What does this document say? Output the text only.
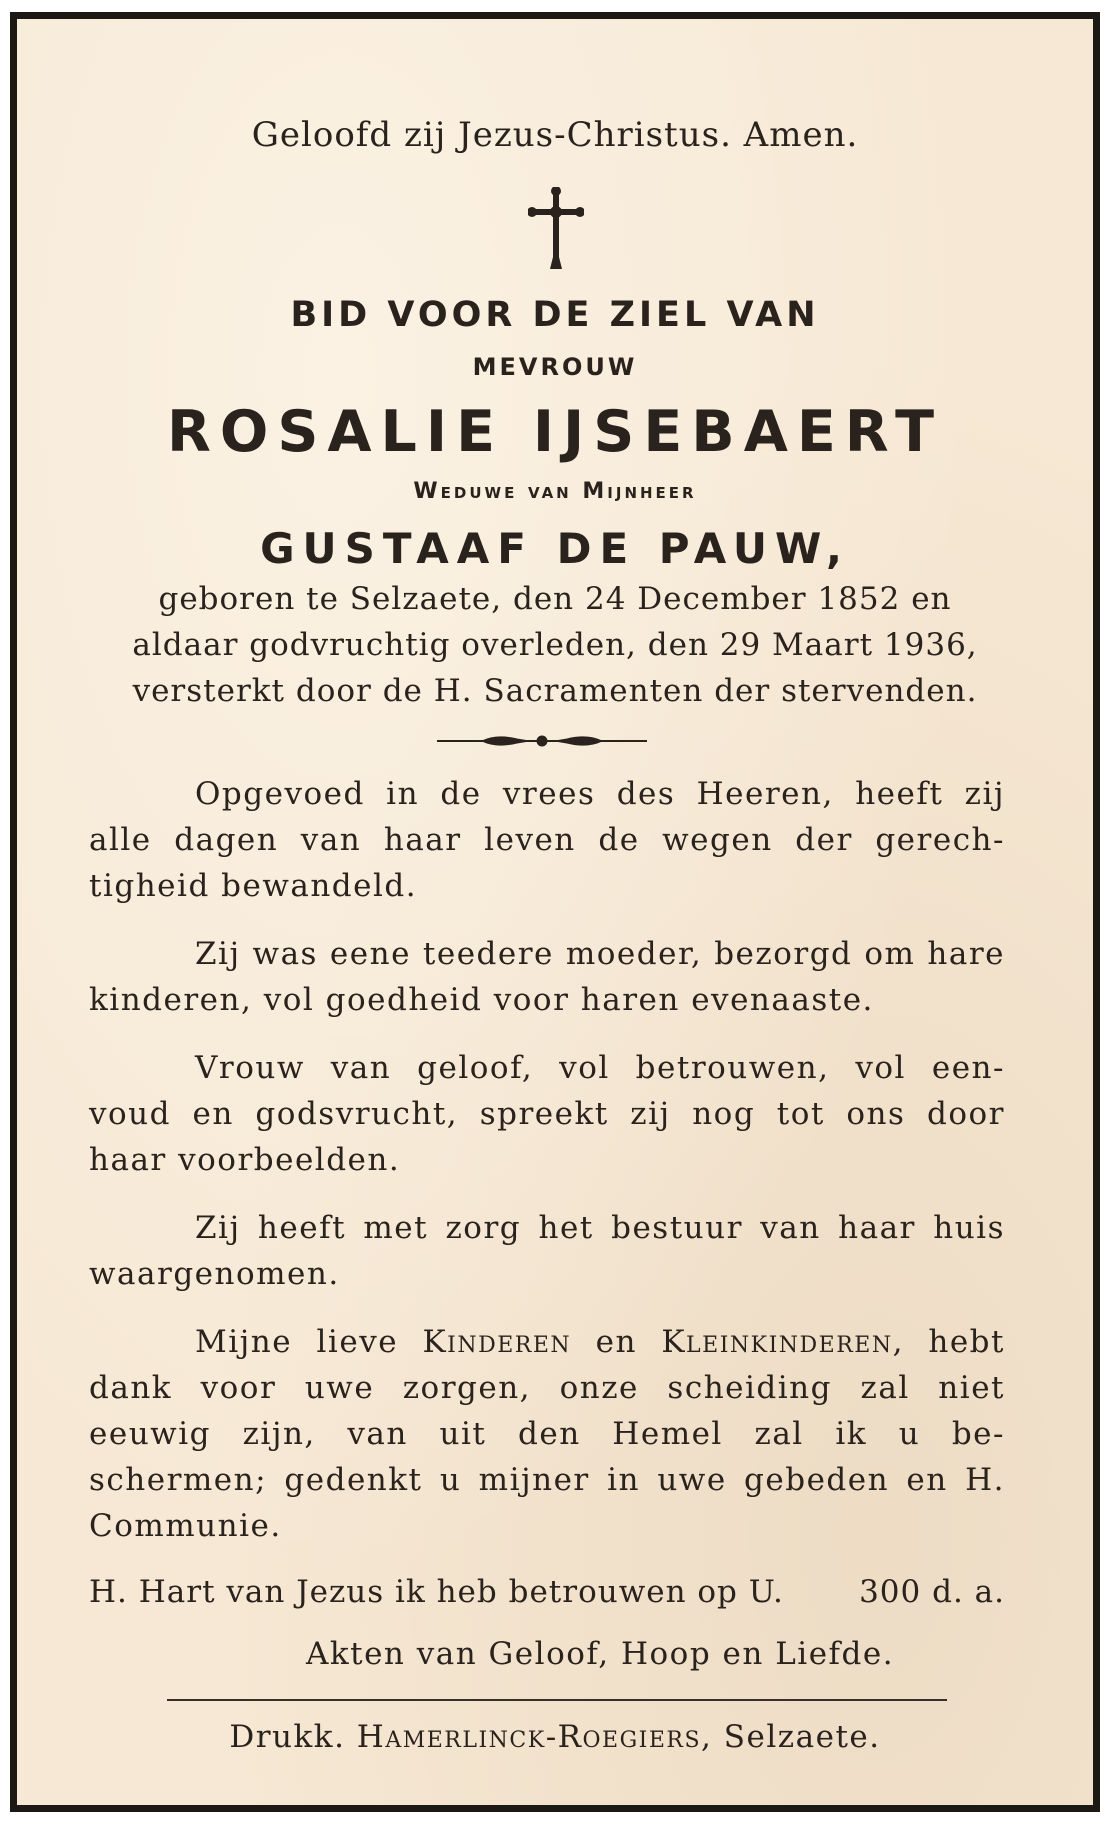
Geloofd zij Jezus-Christus. Amen.
BID VOOR DE ZIEL VAN
MEVROUW
ROSALIE IJSEBAERT
Weduwe van Mijnheer
GUSTAAF DE PAUW,
geboren te Selzaete, den 24 December 1852 en
aldaar godvruchtig overleden, den 29 Maart 1936,
versterkt door de H. Sacramenten der stervenden.
Opgevoed in de vrees des Heeren, heeft zij alle dagen van haar leven de wegen der gerech- tigheid bewandeld.
Zij was eene teedere moeder, bezorgd om hare kinderen, vol goedheid voor haren evenaaste.
Vrouw van geloof, vol betrouwen, vol een- voud en godsvrucht, spreekt zij nog tot ons door haar voorbeelden.
Zij heeft met zorg het bestuur van haar huis waargenomen.
Mijne lieve Kinderen en Kleinkinderen, hebt dank voor uwe zorgen, onze scheiding zal niet eeuwig zijn, van uit den Hemel zal ik u be- schermen; gedenkt u mijner in uwe gebeden en H. Communie.
H. Hart van Jezus ik heb betrouwen op U.	300 d. a.
Akten van Geloof, Hoop en Liefde.
Drukk. Hamerlinck-Roegiers, Selzaete.
